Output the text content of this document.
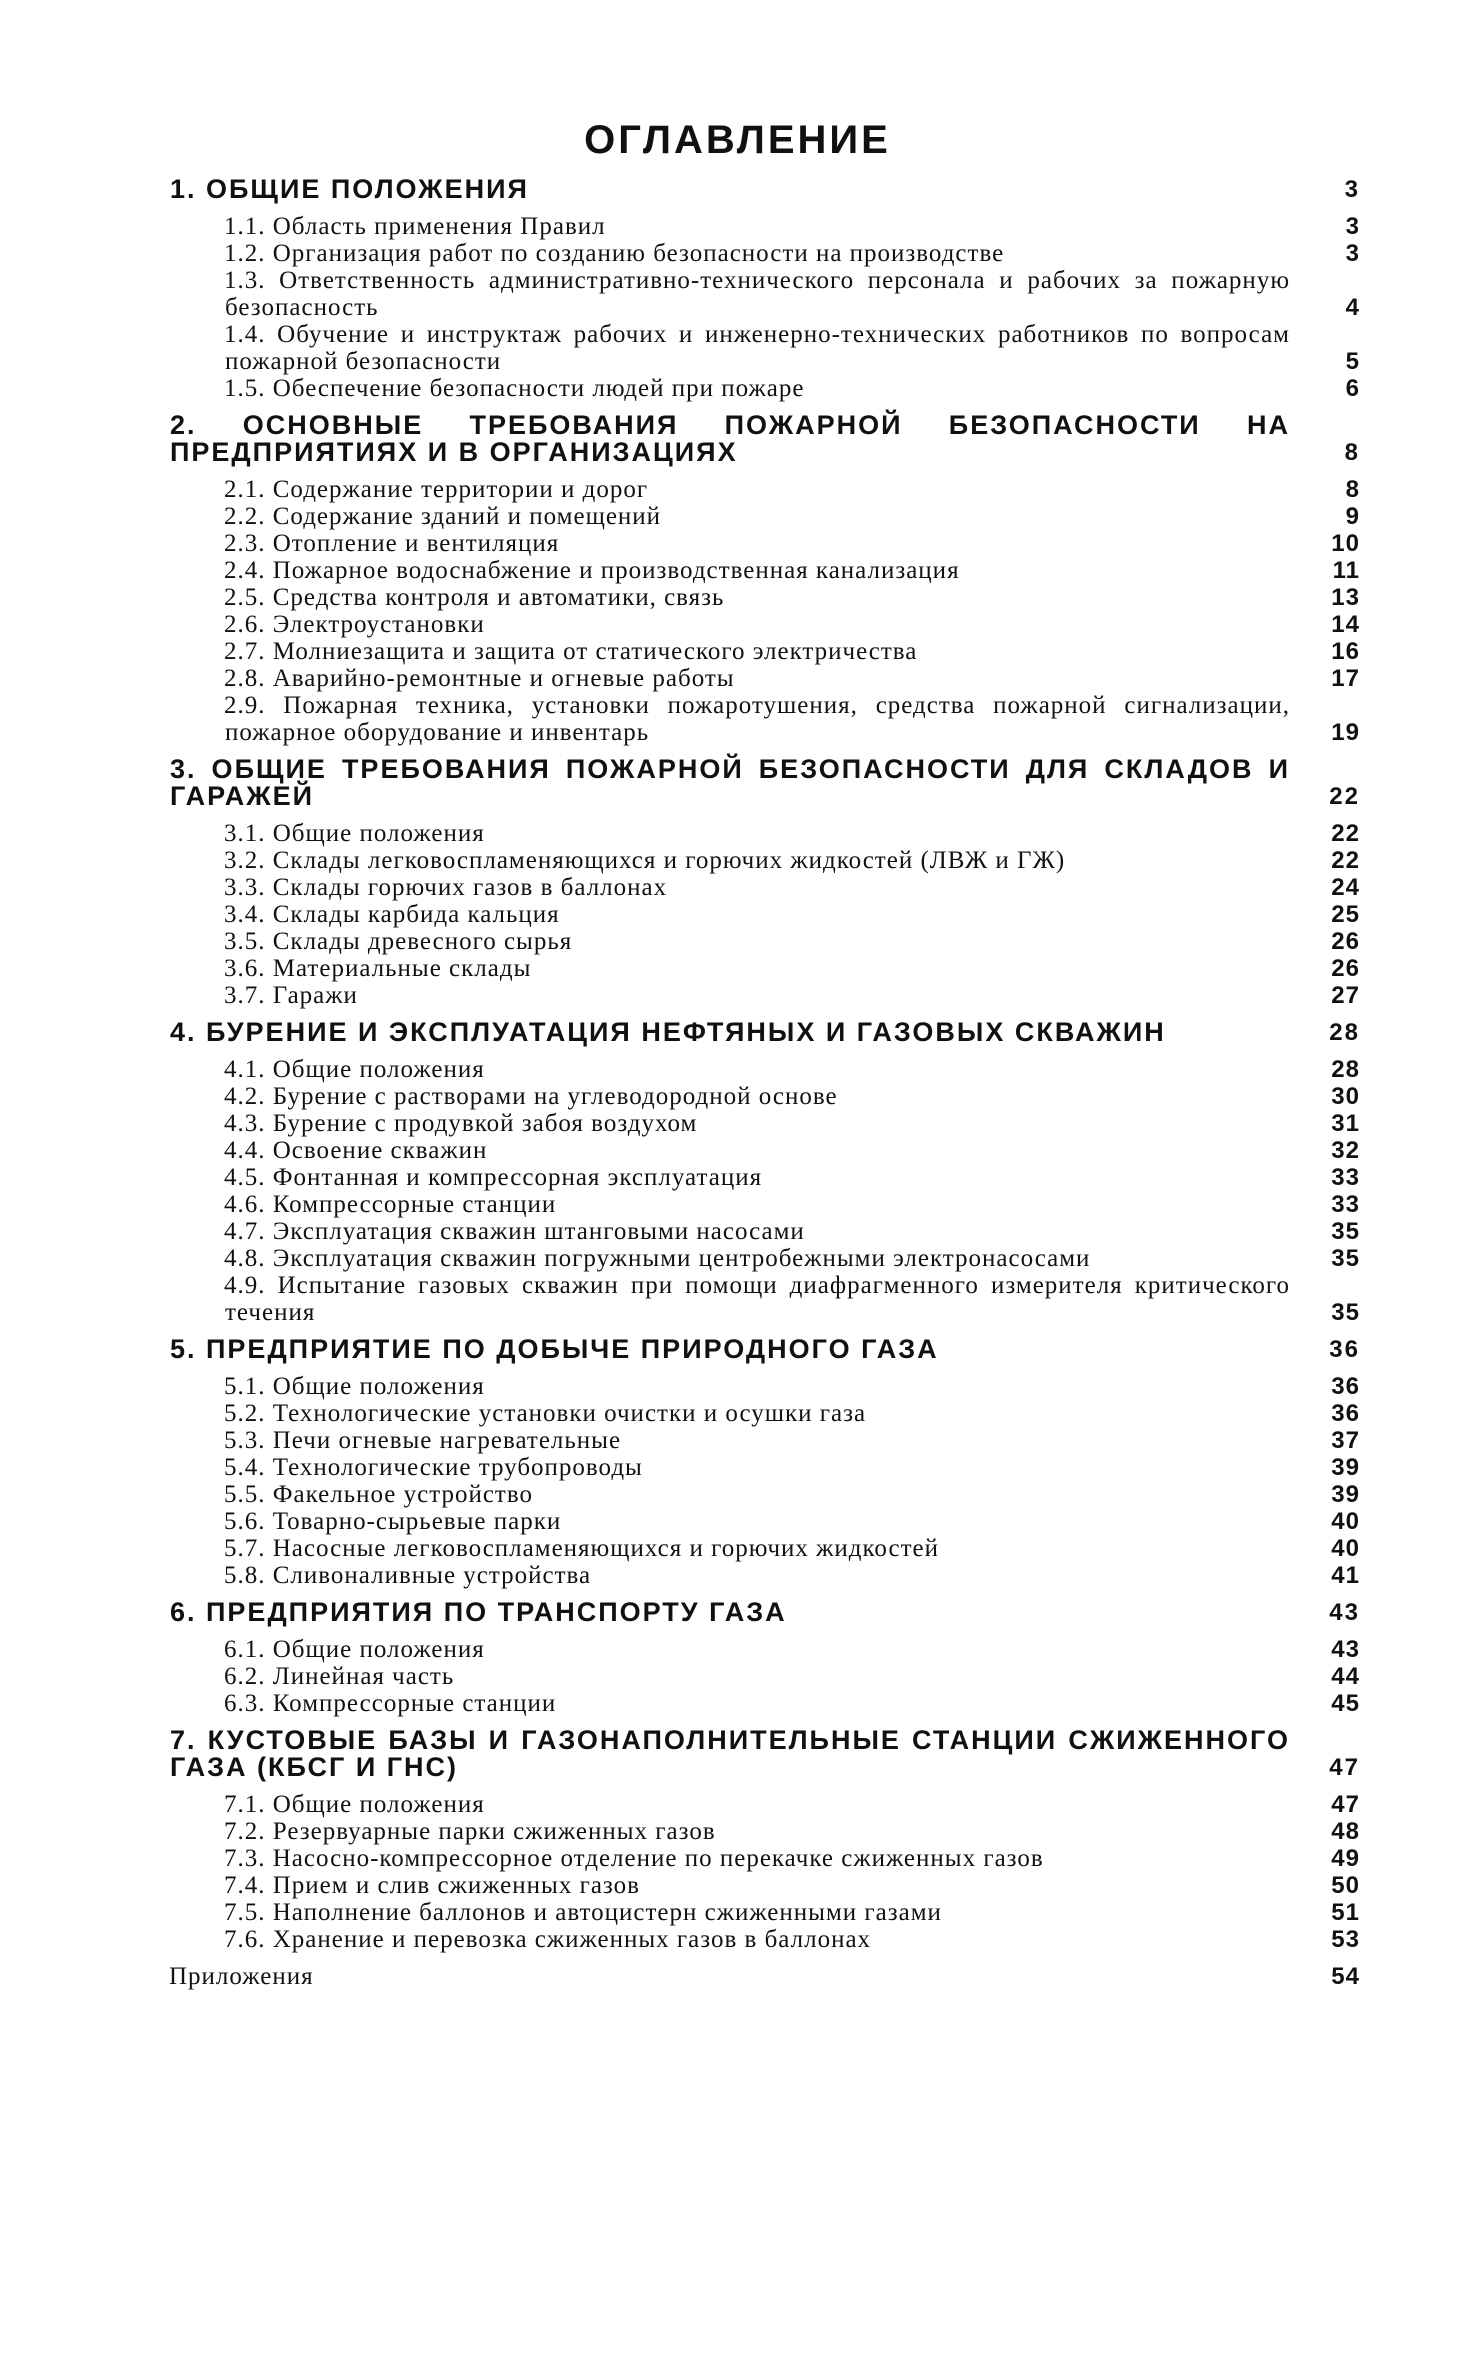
ОГЛАВЛЕНИЕ
1. ОБЩИЕ ПОЛОЖЕНИЯ	3
1.1. Область применения Правил	3
1.2. Организация работ по созданию безопасности на производстве	3
1.3. Ответственность административно-технического персонала и рабочих за пожарную безопасность	4
1.4. Обучение и инструктаж рабочих и инженерно-технических работников по вопросам пожарной безопасности	5
1.5. Обеспечение безопасности людей при пожаре	6
2. ОСНОВНЫЕ ТРЕБОВАНИЯ ПОЖАРНОЙ БЕЗОПАСНОСТИ НА ПРЕДПРИЯТИЯХ И В ОРГАНИЗАЦИЯХ	8
2.1. Содержание территории и дорог	8
2.2. Содержание зданий и помещений	9
2.3. Отопление и вентиляция	10
2.4. Пожарное водоснабжение и производственная канализация	11
2.5. Средства контроля и автоматики, связь	13
2.6. Электроустановки	14
2.7. Молниезащита и защита от статического электричества	16
2.8. Аварийно-ремонтные и огневые работы	17
2.9. Пожарная техника, установки пожаротушения, средства пожарной сигнализации, пожарное оборудование и инвентарь	19
3. ОБЩИЕ ТРЕБОВАНИЯ ПОЖАРНОЙ БЕЗОПАСНОСТИ ДЛЯ СКЛАДОВ И ГАРАЖЕЙ	22
3.1. Общие положения	22
3.2. Склады легковоспламеняющихся и горючих жидкостей (ЛВЖ и ГЖ)	22
3.3. Склады горючих газов в баллонах	24
3.4. Склады карбида кальция	25
3.5. Склады древесного сырья	26
3.6. Материальные склады	26
3.7. Гаражи	27
4. БУРЕНИЕ И ЭКСПЛУАТАЦИЯ НЕФТЯНЫХ И ГАЗОВЫХ СКВАЖИН	28
4.1. Общие положения	28
4.2. Бурение с растворами на углеводородной основе	30
4.3. Бурение с продувкой забоя воздухом	31
4.4. Освоение скважин	32
4.5. Фонтанная и компрессорная эксплуатация	33
4.6. Компрессорные станции	33
4.7. Эксплуатация скважин штанговыми насосами	35
4.8. Эксплуатация скважин погружными центробежными электронасосами	35
4.9. Испытание газовых скважин при помощи диафрагменного измерителя критического течения	35
5. ПРЕДПРИЯТИЕ ПО ДОБЫЧЕ ПРИРОДНОГО ГАЗА	36
5.1. Общие положения	36
5.2. Технологические установки очистки и осушки газа	36
5.3. Печи огневые нагревательные	37
5.4. Технологические трубопроводы	39
5.5. Факельное устройство	39
5.6. Товарно-сырьевые парки	40
5.7. Насосные легковоспламеняющихся и горючих жидкостей	40
5.8. Сливоналивные устройства	41
6. ПРЕДПРИЯТИЯ ПО ТРАНСПОРТУ ГАЗА	43
6.1. Общие положения	43
6.2. Линейная часть	44
6.3. Компрессорные станции	45
7. КУСТОВЫЕ БАЗЫ И ГАЗОНАПОЛНИТЕЛЬНЫЕ СТАНЦИИ СЖИЖЕННОГО ГАЗА (КБСГ И ГНС)	47
7.1. Общие положения	47
7.2. Резервуарные парки сжиженных газов	48
7.3. Насосно-компрессорное отделение по перекачке сжиженных газов	49
7.4. Прием и слив сжиженных газов	50
7.5. Наполнение баллонов и автоцистерн сжиженными газами	51
7.6. Хранение и перевозка сжиженных газов в баллонах	53
Приложения	54
